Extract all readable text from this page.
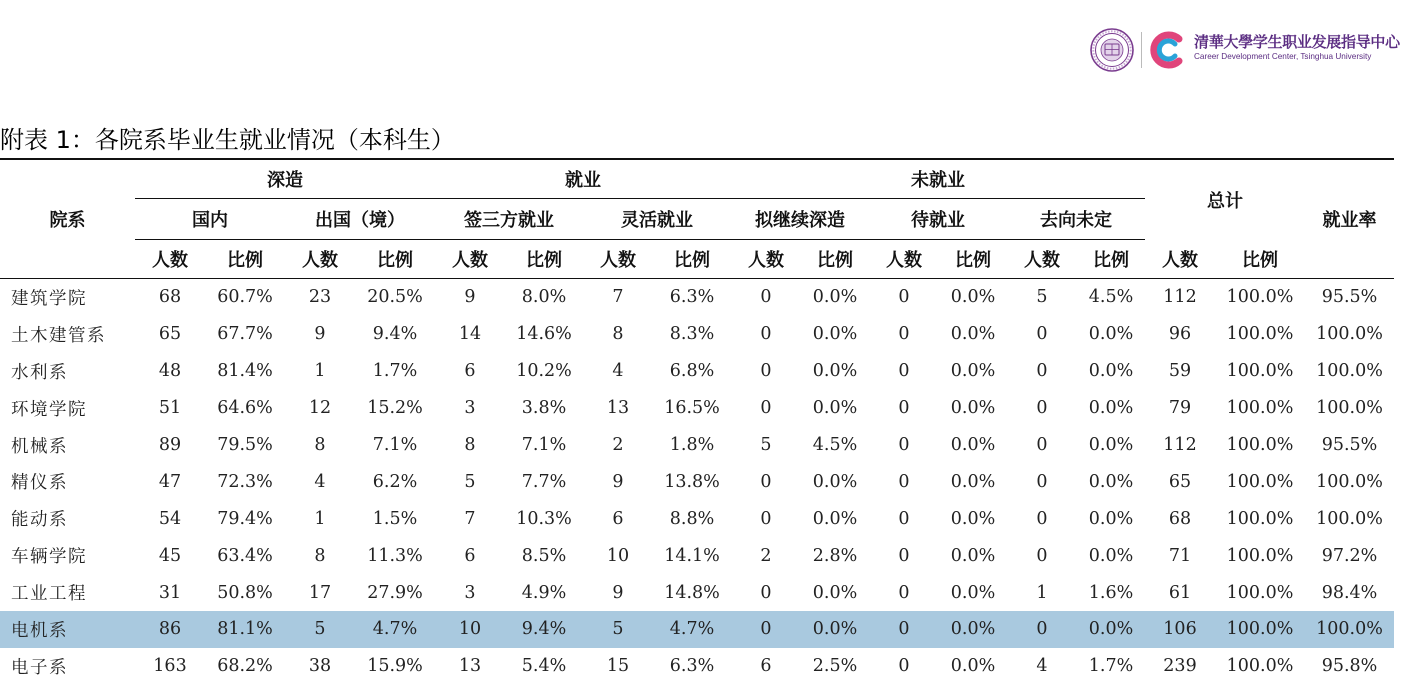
清華大學学生职业发展指导中心
Career Development Center, Tsinghua University
附表 1：各院系毕业生就业情况（本科生）
院系	深造				就业				未就业						总计		就业率
	国内		出国（境）		签三方就业		灵活就业		拟继续深造		待就业		去向未定				
	人数	比例	人数	比例	人数	比例	人数	比例	人数	比例	人数	比例	人数	比例	人数	比例	
建筑学院	68	60.7%	23	20.5%	9	8.0%	7	6.3%	0	0.0%	0	0.0%	5	4.5%	112	100.0%	95.5%
土木建管系	65	67.7%	9	9.4%	14	14.6%	8	8.3%	0	0.0%	0	0.0%	0	0.0%	96	100.0%	100.0%
水利系	48	81.4%	1	1.7%	6	10.2%	4	6.8%	0	0.0%	0	0.0%	0	0.0%	59	100.0%	100.0%
环境学院	51	64.6%	12	15.2%	3	3.8%	13	16.5%	0	0.0%	0	0.0%	0	0.0%	79	100.0%	100.0%
机械系	89	79.5%	8	7.1%	8	7.1%	2	1.8%	5	4.5%	0	0.0%	0	0.0%	112	100.0%	95.5%
精仪系	47	72.3%	4	6.2%	5	7.7%	9	13.8%	0	0.0%	0	0.0%	0	0.0%	65	100.0%	100.0%
能动系	54	79.4%	1	1.5%	7	10.3%	6	8.8%	0	0.0%	0	0.0%	0	0.0%	68	100.0%	100.0%
车辆学院	45	63.4%	8	11.3%	6	8.5%	10	14.1%	2	2.8%	0	0.0%	0	0.0%	71	100.0%	97.2%
工业工程	31	50.8%	17	27.9%	3	4.9%	9	14.8%	0	0.0%	0	0.0%	1	1.6%	61	100.0%	98.4%
电机系	86	81.1%	5	4.7%	10	9.4%	5	4.7%	0	0.0%	0	0.0%	0	0.0%	106	100.0%	100.0%
电子系	163	68.2%	38	15.9%	13	5.4%	15	6.3%	6	2.5%	0	0.0%	4	1.7%	239	100.0%	95.8%
